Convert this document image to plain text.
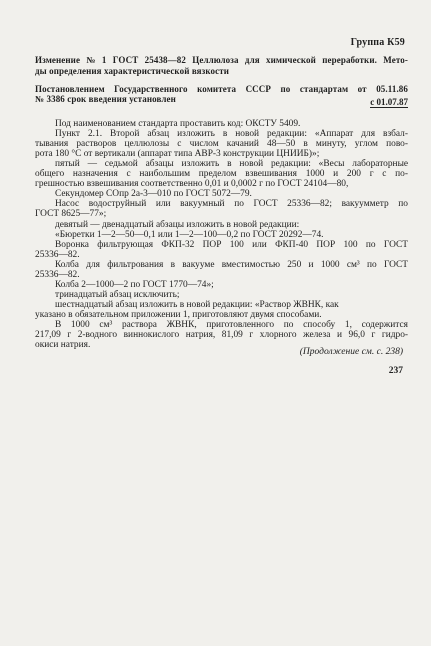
Группа К59
Изменение № 1 ГОСТ 25438—82 Целлюлоза для химической переработки. Мето-
ды определения характеристической вязкости
Постановлением Государственного комитета СССР по стандартам от 05.11.86
№ 3386 срок введения установлен	с 01.07.87
Под наименованием стандарта проставить код: ОКСТУ 5409.
Пункт 2.1. Второй абзац изложить в новой редакции: «Аппарат для взбал-
тывания растворов целлюлозы с числом качаний 48—50 в минуту, углом пово-
рота 180 °С от вертикали (аппарат типа АВР-3 конструкции ЦНИИБ)»;
пятый — седьмой абзацы изложить в новой редакции: «Весы лабораторные
общего назначения с наибольшим пределом взвешивания 1000 и 200 г с по-
грешностью взвешивания соответственно 0,01 и 0,0002 г по ГОСТ 24104—80,
Секундомер СОпр 2а-3—010 по ГОСТ 5072—79.
Насос водоструйный или вакуумный по ГОСТ 25336—82; вакуумметр по
ГОСТ 8625—77»;
девятый — двенадцатый абзацы изложить в новой редакции:
«Бюретки 1—2—50—0,1 или 1—2—100—0,2 по ГОСТ 20292—74.
Воронка фильтрующая ФКП-32 ПОР 100 или ФКП-40 ПОР 100 по ГОСТ
25336—82.
Колба для фильтрования в вакууме вместимостью 250 и 1000 см³ по ГОСТ
25336—82.
Колба 2—1000—2 по ГОСТ 1770—74»;
тринадцатый абзац исключить;
шестнадцатый абзац изложить в новой редакции: «Раствор ЖВНК, как
указано в обязательном приложении 1, приготовляют двумя способами.
В 1000 см³ раствора ЖВНК, приготовленного по способу 1, содержится
217,09 г 2-водного виннокислого натрия, 81,09 г хлорного железа и 96,0 г гидро-
окиси натрия.
(Продолжение см. с. 238)
237
